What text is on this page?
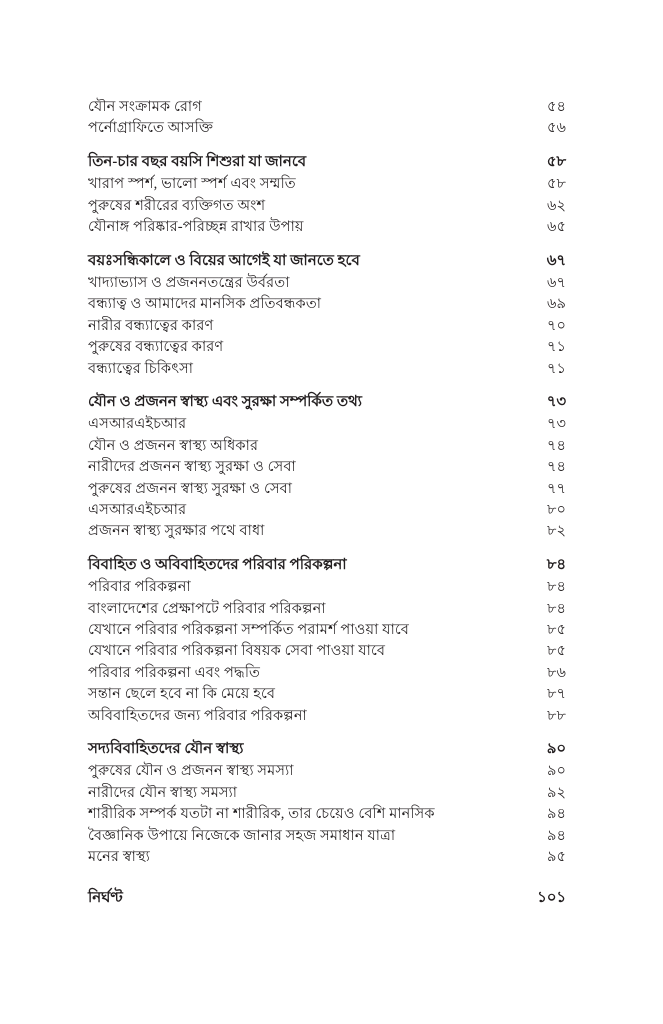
যৌন সংক্রামক রোগ	৫৪
পর্নোগ্রাফিতে আসক্তি	৫৬
তিন-চার বছর বয়সি শিশুরা যা জানবে	৫৮
খারাপ স্পর্শ, ভালো স্পর্শ এবং সম্মতি	৫৮
পুরুষের শরীরের ব্যক্তিগত অংশ	৬২
যৌনাঙ্গ পরিষ্কার-পরিচ্ছন্ন রাখার উপায়	৬৫
বয়ঃসন্ধিকালে ও বিয়ের আগেই যা জানতে হবে	৬৭
খাদ্যাভ্যাস ও প্রজননতন্ত্রের উর্বরতা	৬৭
বন্ধ্যাত্ব ও আমাদের মানসিক প্রতিবন্ধকতা	৬৯
নারীর বন্ধ্যাত্বের কারণ	৭০
পুরুষের বন্ধ্যাত্বের কারণ	৭১
বন্ধ্যাত্বের চিকিৎসা	৭১
যৌন ও প্রজনন স্বাস্থ্য এবং সুরক্ষা সম্পর্কিত তথ্য	৭৩
এসআরএইচআর	৭৩
যৌন ও প্রজনন স্বাস্থ্য অধিকার	৭৪
নারীদের প্রজনন স্বাস্থ্য সুরক্ষা ও সেবা	৭৪
পুরুষের প্রজনন স্বাস্থ্য সুরক্ষা ও সেবা	৭৭
এসআরএইচআর	৮০
প্রজনন স্বাস্থ্য সুরক্ষার পথে বাধা	৮২
বিবাহিত ও অবিবাহিতদের পরিবার পরিকল্পনা	৮৪
পরিবার পরিকল্পনা	৮৪
বাংলাদেশের প্রেক্ষাপটে পরিবার পরিকল্পনা	৮৪
যেখানে পরিবার পরিকল্পনা সম্পর্কিত পরামর্শ পাওয়া যাবে	৮৫
যেখানে পরিবার পরিকল্পনা বিষয়ক সেবা পাওয়া যাবে	৮৫
পরিবার পরিকল্পনা এবং পদ্ধতি	৮৬
সন্তান ছেলে হবে না কি মেয়ে হবে	৮৭
অবিবাহিতদের জন্য পরিবার পরিকল্পনা	৮৮
সদ্যবিবাহিতদের যৌন স্বাস্থ্য	৯০
পুরুষের যৌন ও প্রজনন স্বাস্থ্য সমস্যা	৯০
নারীদের যৌন স্বাস্থ্য সমস্যা	৯২
শারীরিক সম্পর্ক যতটা না শারীরিক, তার চেয়েও বেশি মানসিক	৯৪
বৈজ্ঞানিক উপায়ে নিজেকে জানার সহজ সমাধান যাত্রা	৯৪
মনের স্বাস্থ্য	৯৫
নির্ঘণ্ট	১০১
